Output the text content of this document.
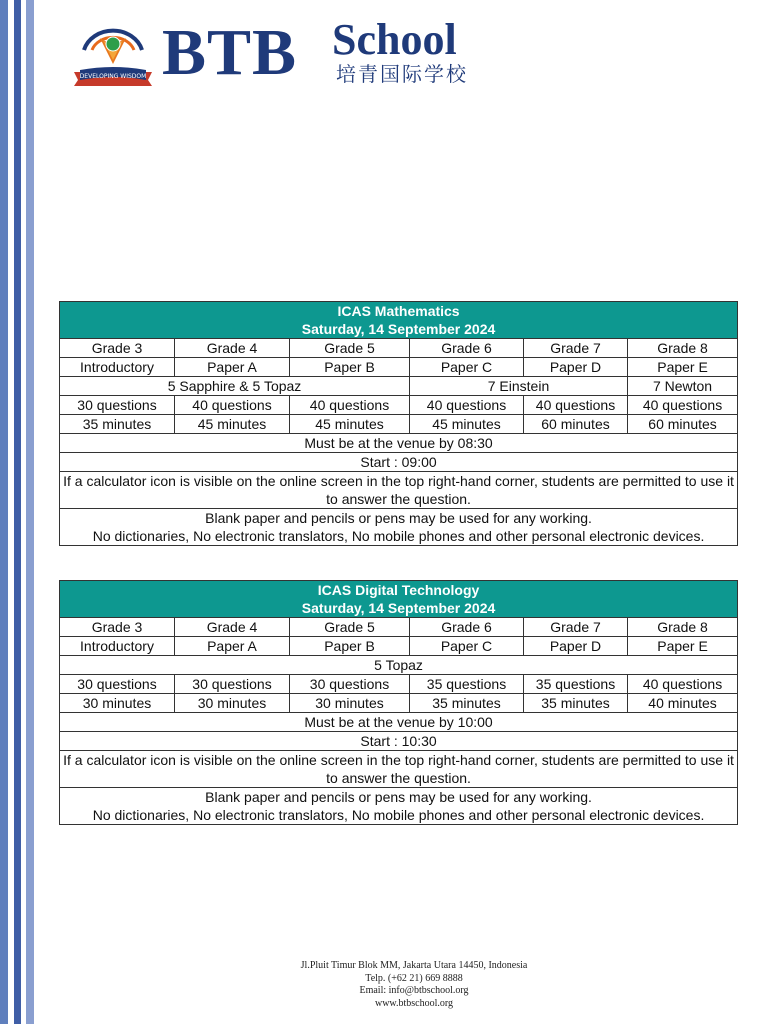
DEVELOPING WISDOM BTB School
培青国际学校
ICAS Mathematics
Saturday, 14 September 2024					

Grade 3	Grade 4	Grade 5	Grade 6	Grade 7	Grade 8
Introductory	Paper A	Paper B	Paper C	Paper D	Paper E
5 Sapphire & 5 Topaz			7 Einstein		7 Newton
30 questions	40 questions	40 questions	40 questions	40 questions	40 questions
35 minutes	45 minutes	45 minutes	45 minutes	60 minutes	60 minutes
Must be at the venue by 08:30					
Start : 09:00					
If a calculator icon is visible on the online screen in the top right-hand corner, students are permitted to use it to answer the question.					

Blank paper and pencils or pens may be used for any working.
No dictionaries, No electronic translators, No mobile phones and other personal electronic devices.					
ICAS Digital Technology
Saturday, 14 September 2024					

Grade 3	Grade 4	Grade 5	Grade 6	Grade 7	Grade 8
Introductory	Paper A	Paper B	Paper C	Paper D	Paper E
5 Topaz					
30 questions	30 questions	30 questions	35 questions	35 questions	40 questions
30 minutes	30 minutes	30 minutes	35 minutes	35 minutes	40 minutes
Must be at the venue by 10:00					
Start : 10:30					
If a calculator icon is visible on the online screen in the top right-hand corner, students are permitted to use it to answer the question.					

Blank paper and pencils or pens may be used for any working.
No dictionaries, No electronic translators, No mobile phones and other personal electronic devices.					
Jl.Pluit Timur Blok MM, Jakarta Utara 14450, Indonesia
Telp. (+62 21) 669 8888
Email: info@btbschool.org
www.btbschool.org
